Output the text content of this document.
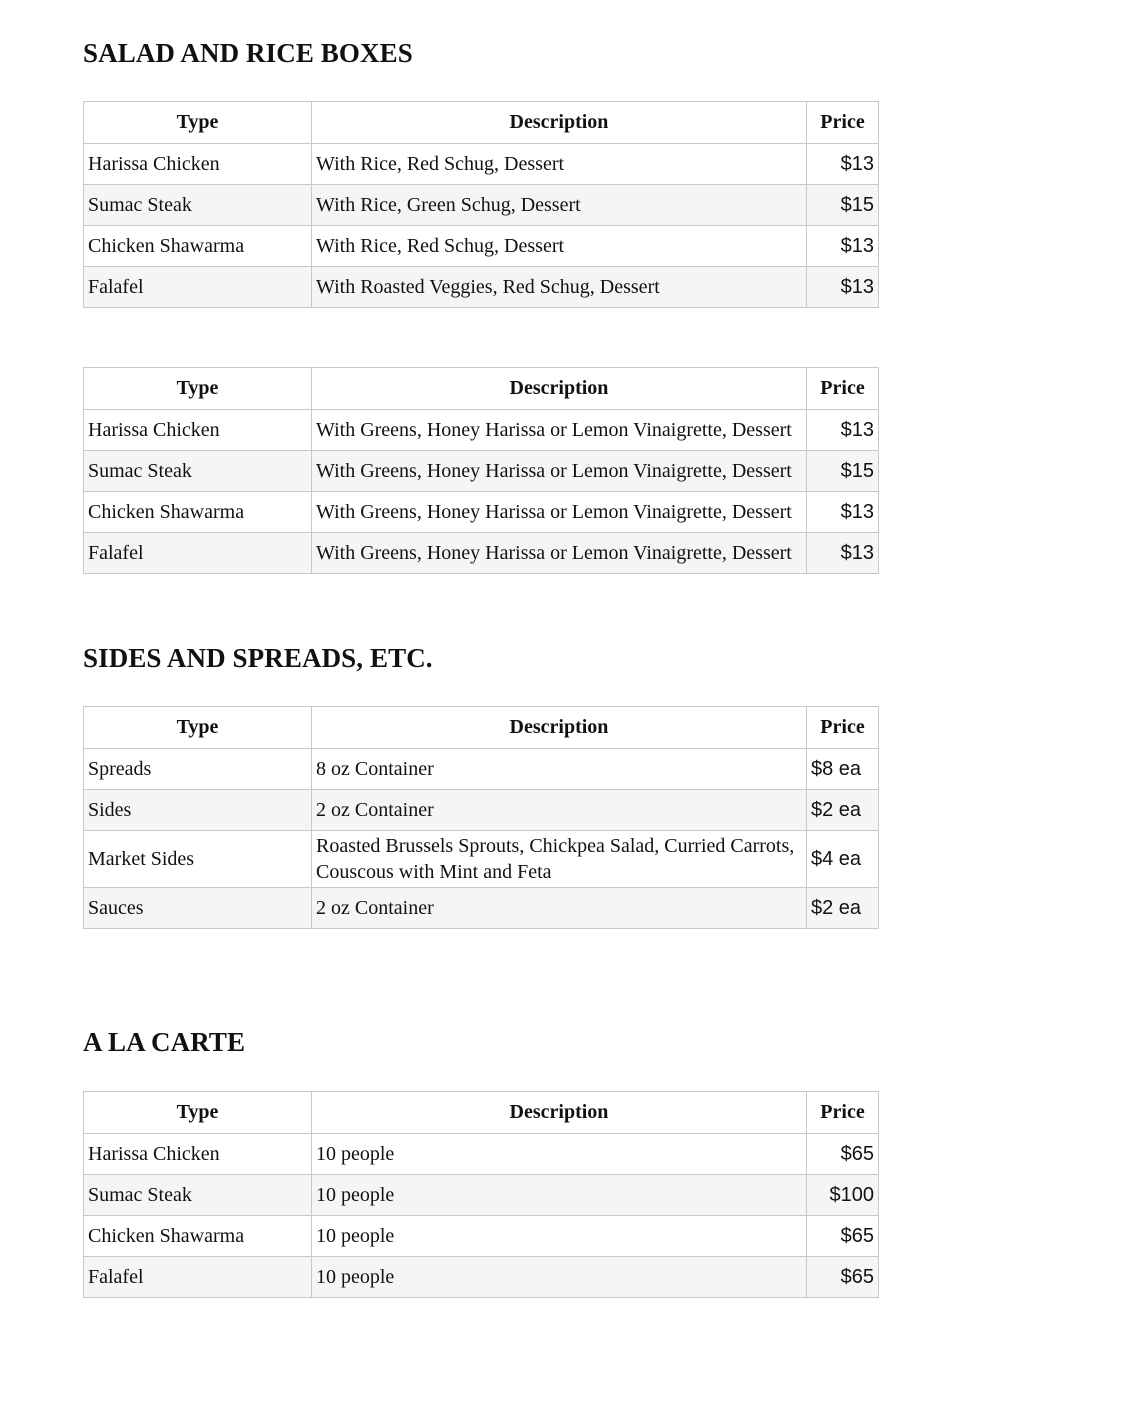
SALAD AND RICE BOXES
Type	Description	Price
Harissa Chicken	With Rice, Red Schug, Dessert	$13
Sumac Steak	With Rice, Green Schug, Dessert	$15
Chicken Shawarma	With Rice, Red Schug, Dessert	$13
Falafel	With Roasted Veggies, Red Schug, Dessert	$13
Type	Description	Price
Harissa Chicken	With Greens, Honey Harissa or Lemon Vinaigrette, Dessert	$13
Sumac Steak	With Greens, Honey Harissa or Lemon Vinaigrette, Dessert	$15
Chicken Shawarma	With Greens, Honey Harissa or Lemon Vinaigrette, Dessert	$13
Falafel	With Greens, Honey Harissa or Lemon Vinaigrette, Dessert	$13
SIDES AND SPREADS, ETC.
Type	Description	Price
Spreads	8 oz Container	$8 ea
Sides	2 oz Container	$2 ea
Market Sides	Roasted Brussels Sprouts, Chickpea Salad, Curried Carrots, Couscous with Mint and Feta	$4 ea
Sauces	2 oz Container	$2 ea
A LA CARTE
Type	Description	Price
Harissa Chicken	10 people	$65
Sumac Steak	10 people	$100
Chicken Shawarma	10 people	$65
Falafel	10 people	$65
